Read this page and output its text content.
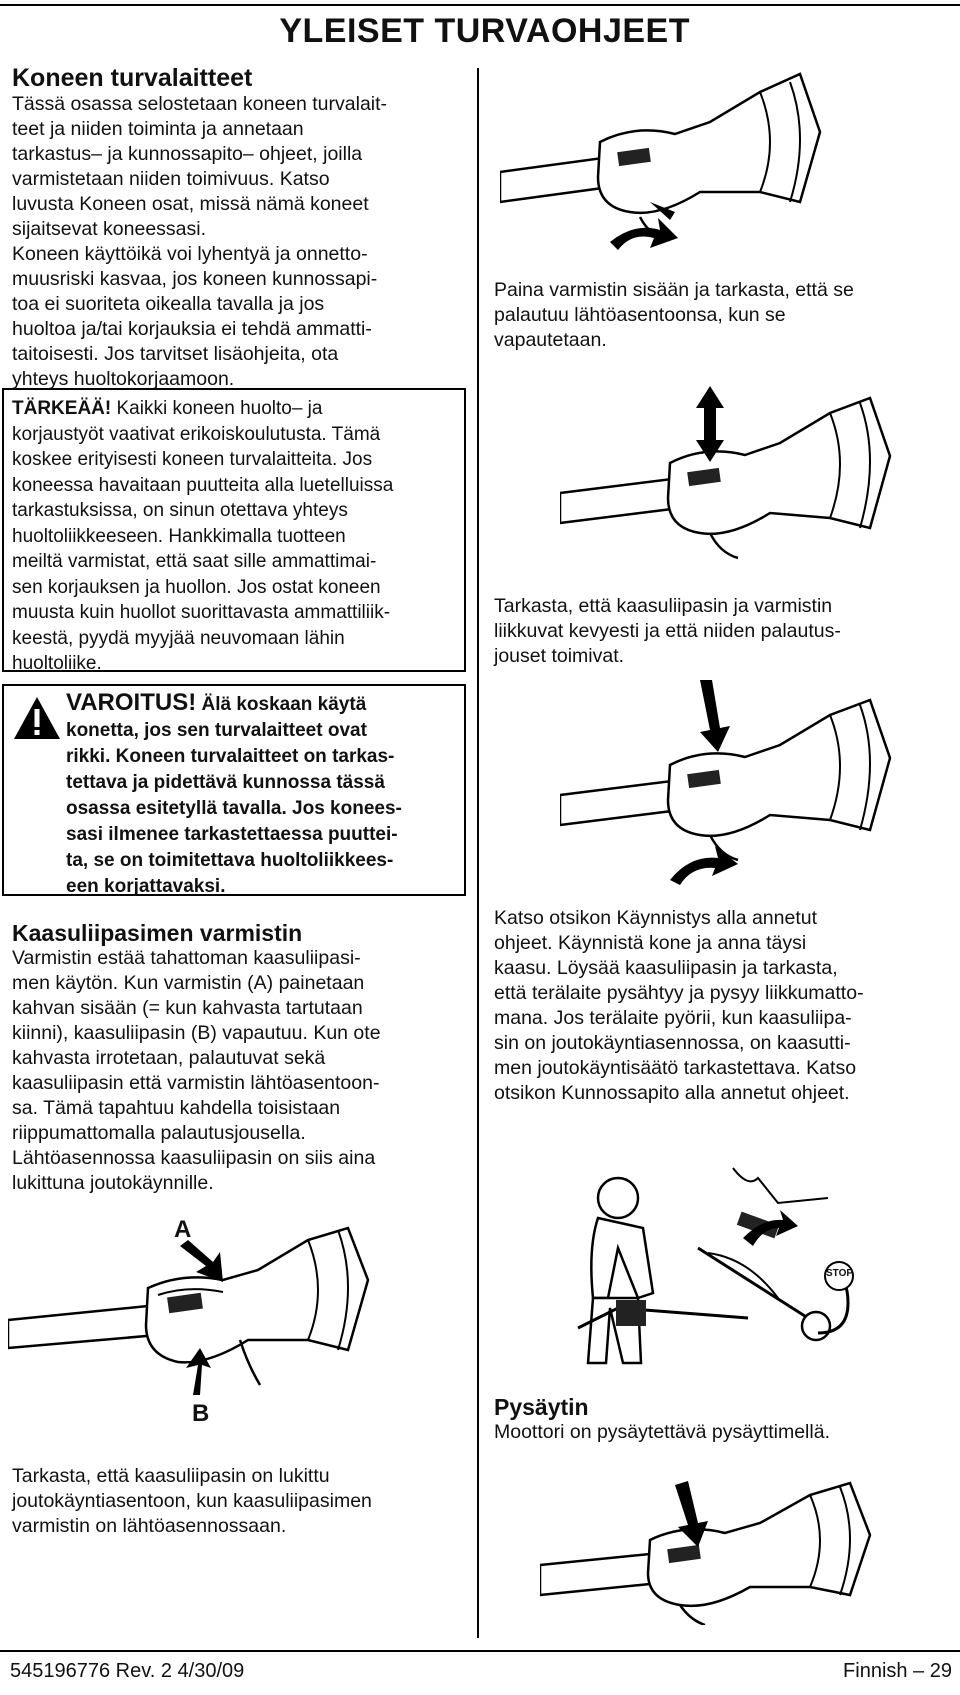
YLEISET TURVAOHJEET
Koneen turvalaitteet
Tässä osassa selostetaan koneen turvalait-
teet ja niiden toiminta ja annetaan
tarkastus– ja kunnossapito– ohjeet, joilla
varmistetaan niiden toimivuus. Katso
luvusta Koneen osat, missä nämä koneet
sijaitsevat koneessasi.
Koneen käyttöikä voi lyhentyä ja onnetto-
muusriski kasvaa, jos koneen kunnossapi-
toa ei suoriteta oikealla tavalla ja jos
huoltoa ja/tai korjauksia ei tehdä ammatti-
taitoisesti. Jos tarvitset lisäohjeita, ota
yhteys huoltokorjaamoon.
TÄRKEÄÄ! Kaikki koneen huolto– ja
korjaustyöt vaativat erikoiskoulutusta. Tämä
koskee erityisesti koneen turvalaitteita. Jos
koneessa havaitaan puutteita alla luetelluissa
tarkastuksissa, on sinun otettava yhteys
huoltoliikkeeseen. Hankkimalla tuotteen
meiltä varmistat, että saat sille ammattimai-
sen korjauksen ja huollon. Jos ostat koneen
muusta kuin huollot suorittavasta ammattiliik-
keestä, pyydä myyjää neuvomaan lähin
huoltoliike.
VAROITUS! Älä koskaan käytä
konetta, jos sen turvalaitteet ovat
rikki. Koneen turvalaitteet on tarkas-
tettava ja pidettävä kunnossa tässä
osassa esitetyllä tavalla. Jos konees-
sasi ilmenee tarkastettaessa puuttei-
ta, se on toimitettava huoltoliikkees-
een korjattavaksi.
Kaasuliipasimen varmistin
Varmistin estää tahattoman kaasuliipasi-
men käytön. Kun varmistin (A) painetaan
kahvan sisään (= kun kahvasta tartutaan
kiinni), kaasuliipasin (B) vapautuu. Kun ote
kahvasta irrotetaan, palautuvat sekä
kaasuliipasin että varmistin lähtöasentoon-
sa. Tämä tapahtuu kahdella toisistaan
riippumattomalla palautusjousella.
Lähtöasennossa kaasuliipasin on siis aina
lukittuna joutokäynnille.
A
B
Tarkasta, että kaasuliipasin on lukittu
joutokäyntiasentoon, kun kaasuliipasimen
varmistin on lähtöasennossaan.
Paina varmistin sisään ja tarkasta, että se
palautuu lähtöasentoonsa, kun se
vapautetaan.
Tarkasta, että kaasuliipasin ja varmistin
liikkuvat kevyesti ja että niiden palautus-
jouset toimivat.
Katso otsikon Käynnistys alla annetut
ohjeet. Käynnistä kone ja anna täysi
kaasu. Löysää kaasuliipasin ja tarkasta,
että terälaite pysähtyy ja pysyy liikkumatto-
mana. Jos terälaite pyörii, kun kaasuliipa-
sin on joutokäyntiasennossa, on kaasutti-
men joutokäyntisäätö tarkastettava. Katso
otsikon Kunnossapito alla annetut ohjeet.
STOP
Pysäytin
Moottori on pysäytettävä pysäyttimellä.
545196776 Rev. 2 4/30/09	Finnish – 29
